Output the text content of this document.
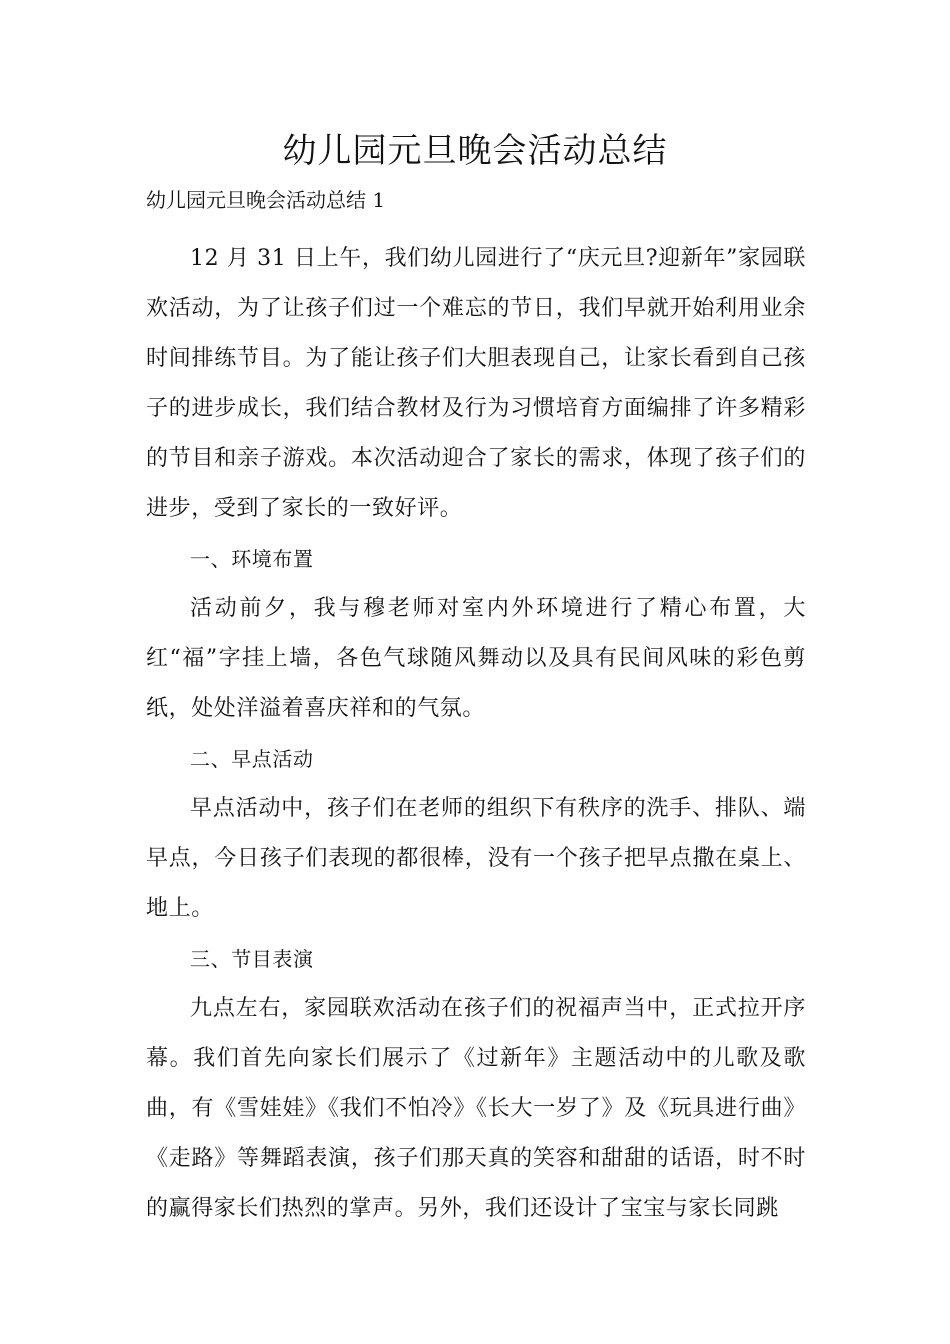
幼儿园元旦晚会活动总结

幼儿园元旦晚会活动总结 1

12 月 31 日上午，我们幼儿园进行了“庆元旦?迎新年”家园联欢活动，为了让孩子们过一个难忘的节日，我们早就开始利用业余时间排练节目。为了能让孩子们大胆表现自己，让家长看到自己孩子的进步成长，我们结合教材及行为习惯培育方面编排了许多精彩的节目和亲子游戏。本次活动迎合了家长的需求，体现了孩子们的进步，受到了家长的一致好评。

一、环境布置

活动前夕，我与穆老师对室内外环境进行了精心布置，大红“福”字挂上墙，各色气球随风舞动以及具有民间风味的彩色剪纸，处处洋溢着喜庆祥和的气氛。

二、早点活动

早点活动中，孩子们在老师的组织下有秩序的洗手、排队、端早点，今日孩子们表现的都很棒，没有一个孩子把早点撒在桌上、地上。

三、节目表演

九点左右，家园联欢活动在孩子们的祝福声当中，正式拉开序幕。我们首先向家长们展示了《过新年》主题活动中的儿歌及歌曲，有《雪娃娃》《我们不怕冷》《长大一岁了》及《玩具进行曲》《走路》等舞蹈表演，孩子们那天真的笑容和甜甜的话语，时不时的赢得家长们热烈的掌声。另外，我们还设计了宝宝与家长同跳
